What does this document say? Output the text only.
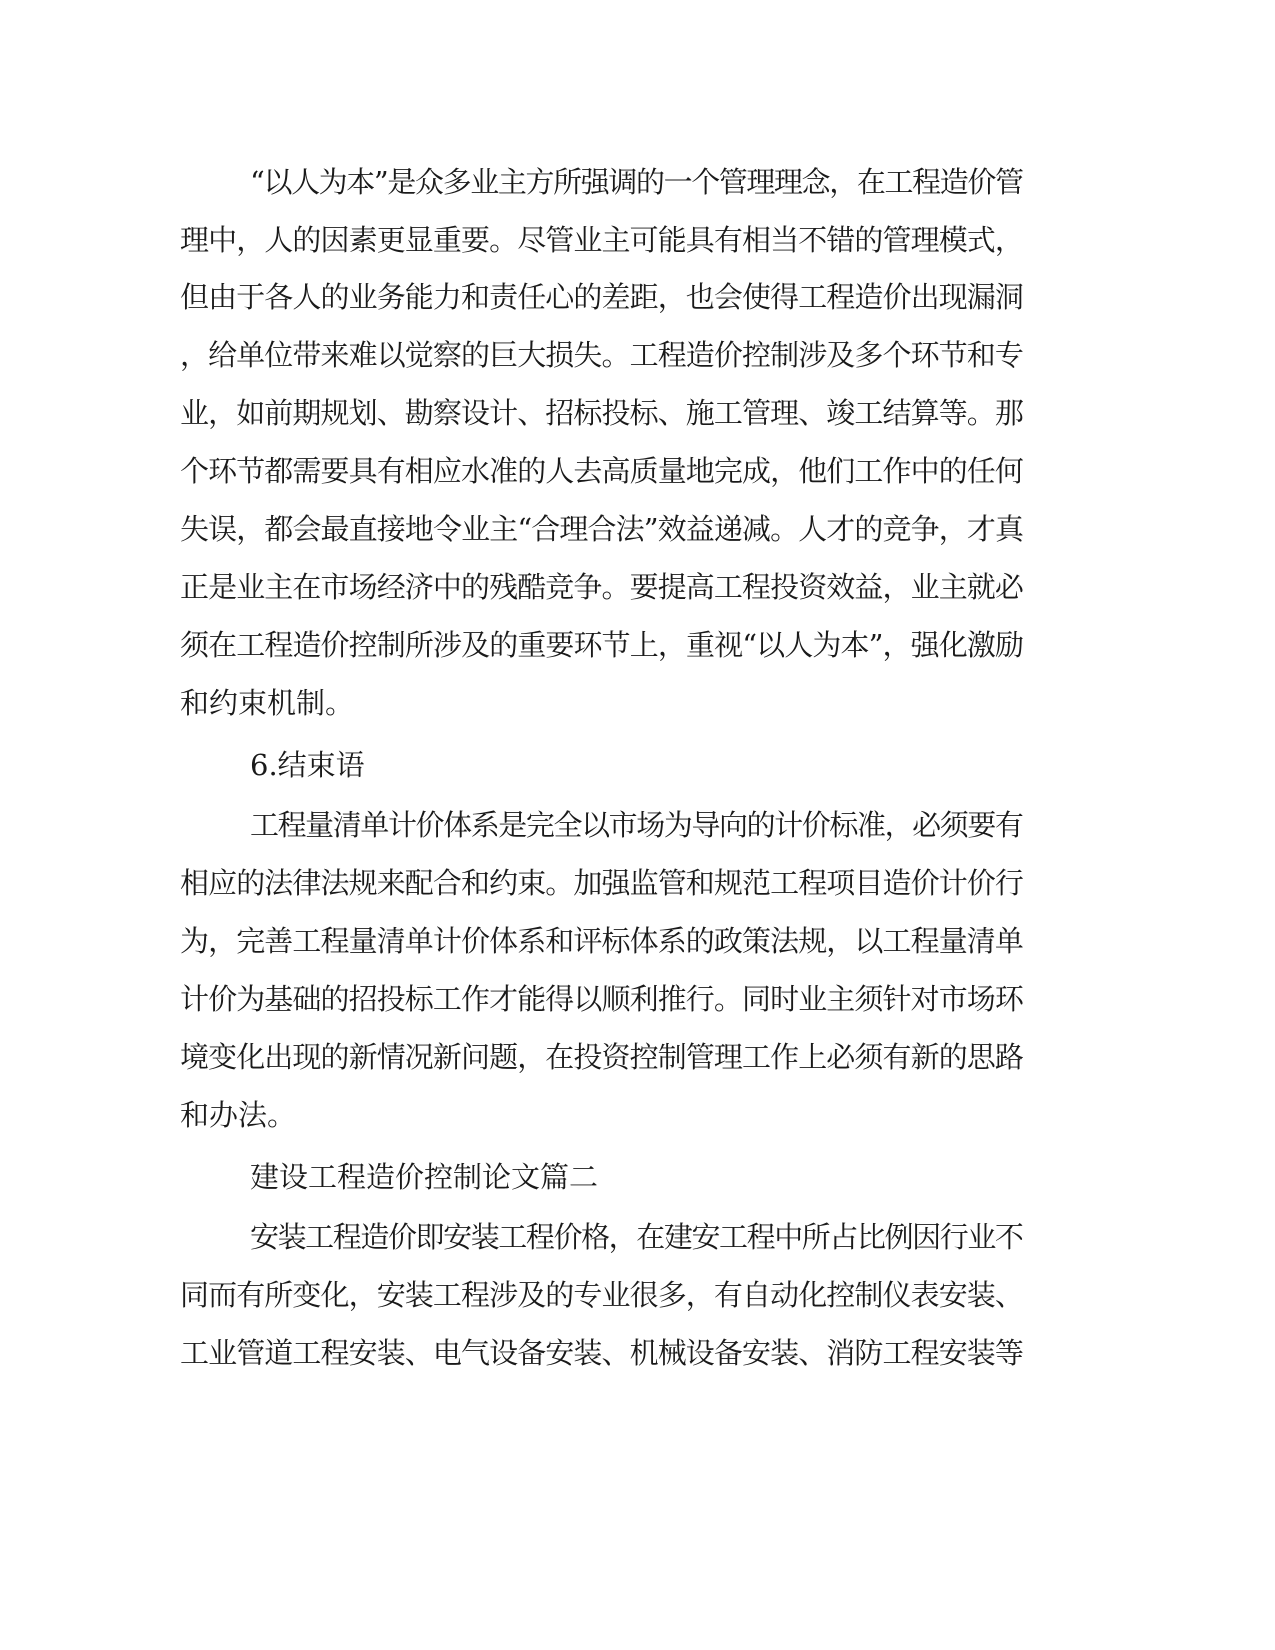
“以人为本”是众多业主方所强调的一个管理理念，在工程造价管
理中，人的因素更显重要。尽管业主可能具有相当不错的管理模式，
但由于各人的业务能力和责任心的差距，也会使得工程造价出现漏洞
，给单位带来难以觉察的巨大损失。工程造价控制涉及多个环节和专
业，如前期规划、勘察设计、招标投标、施工管理、竣工结算等。那
个环节都需要具有相应水准的人去高质量地完成，他们工作中的任何
失误，都会最直接地令业主“合理合法”效益递减。人才的竞争，才真
正是业主在市场经济中的残酷竞争。要提高工程投资效益，业主就必
须在工程造价控制所涉及的重要环节上，重视“以人为本”，强化激励
和约束机制。
6.结束语
工程量清单计价体系是完全以市场为导向的计价标准，必须要有
相应的法律法规来配合和约束。加强监管和规范工程项目造价计价行
为，完善工程量清单计价体系和评标体系的政策法规，以工程量清单
计价为基础的招投标工作才能得以顺利推行。同时业主须针对市场环
境变化出现的新情况新问题，在投资控制管理工作上必须有新的思路
和办法。
建设工程造价控制论文篇二
安装工程造价即安装工程价格，在建安工程中所占比例因行业不
同而有所变化，安装工程涉及的专业很多，有自动化控制仪表安装、
工业管道工程安装、电气设备安装、机械设备安装、消防工程安装等
